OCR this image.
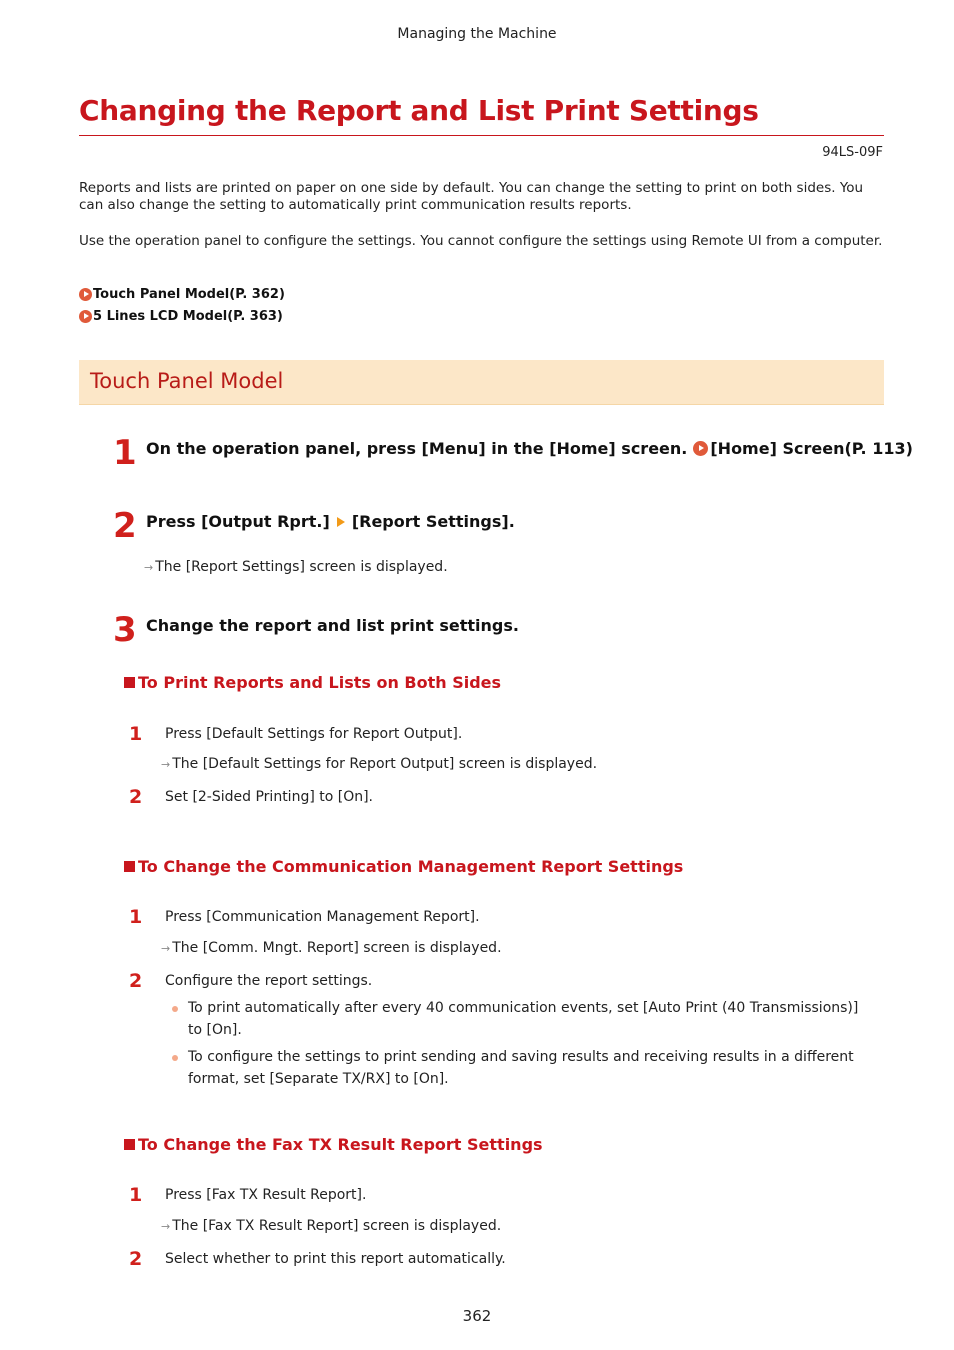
Managing the Machine
Changing the Report and List Print Settings
94LS-09F
Reports and lists are printed on paper on one side by default. You can change the setting to print on both sides. You can also change the setting to automatically print communication results reports.
Use the operation panel to configure the settings. You cannot configure the settings using Remote UI from a computer.
Touch Panel Model(P. 362)
5 Lines LCD Model(P. 363)
Touch Panel Model
1 On the operation panel, press [Menu] in the [Home] screen. [Home] Screen(P. 113)
2 Press [Output Rprt.] [Report Settings].
→ The [Report Settings] screen is displayed.
3 Change the report and list print settings.
To Print Reports and Lists on Both Sides
1 Press [Default Settings for Report Output].
→ The [Default Settings for Report Output] screen is displayed.
2 Set [2-Sided Printing] to [On].
To Change the Communication Management Report Settings
1 Press [Communication Management Report].
→ The [Comm. Mngt. Report] screen is displayed.
2 Configure the report settings.
To print automatically after every 40 communication events, set [Auto Print (40 Transmissions)] to [On].
To configure the settings to print sending and saving results and receiving results in a different format, set [Separate TX/RX] to [On].
To Change the Fax TX Result Report Settings
1 Press [Fax TX Result Report].
→ The [Fax TX Result Report] screen is displayed.
2 Select whether to print this report automatically.
362
